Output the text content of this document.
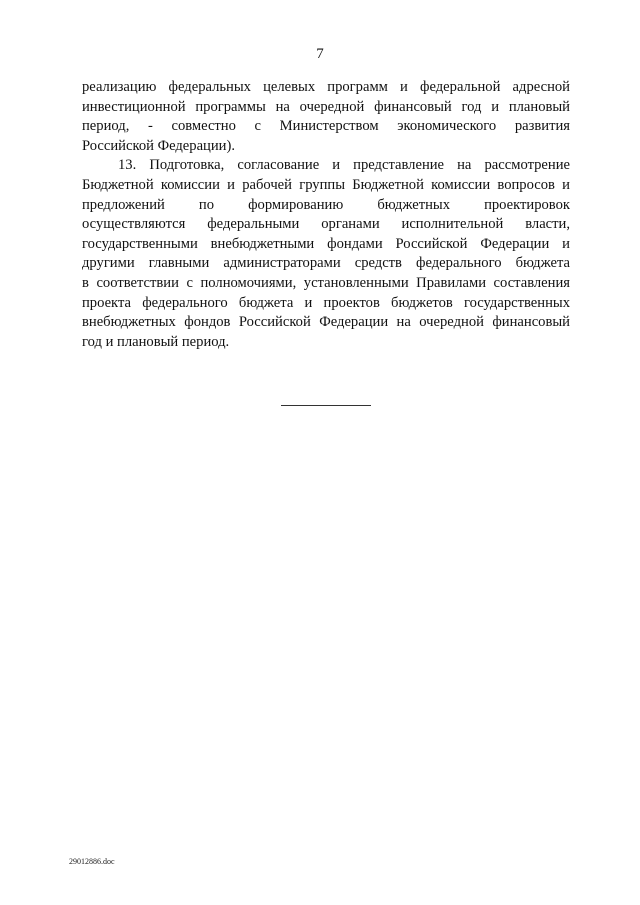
7
реализацию федеральных целевых программ и федеральной адресной
инвестиционной программы на очередной финансовый год и плановый
период, - совместно с Министерством экономического развития
Российской Федерации).
13. Подготовка, согласование и представление на рассмотрение
Бюджетной комиссии и рабочей группы Бюджетной комиссии вопросов и
предложений по формированию бюджетных проектировок
осуществляются федеральными органами исполнительной власти,
государственными внебюджетными фондами Российской Федерации и
другими главными администраторами средств федерального бюджета
в соответствии с полномочиями, установленными Правилами составления
проекта федерального бюджета и проектов бюджетов государственных
внебюджетных фондов Российской Федерации на очередной финансовый
год и плановый период.
29012886.doc
